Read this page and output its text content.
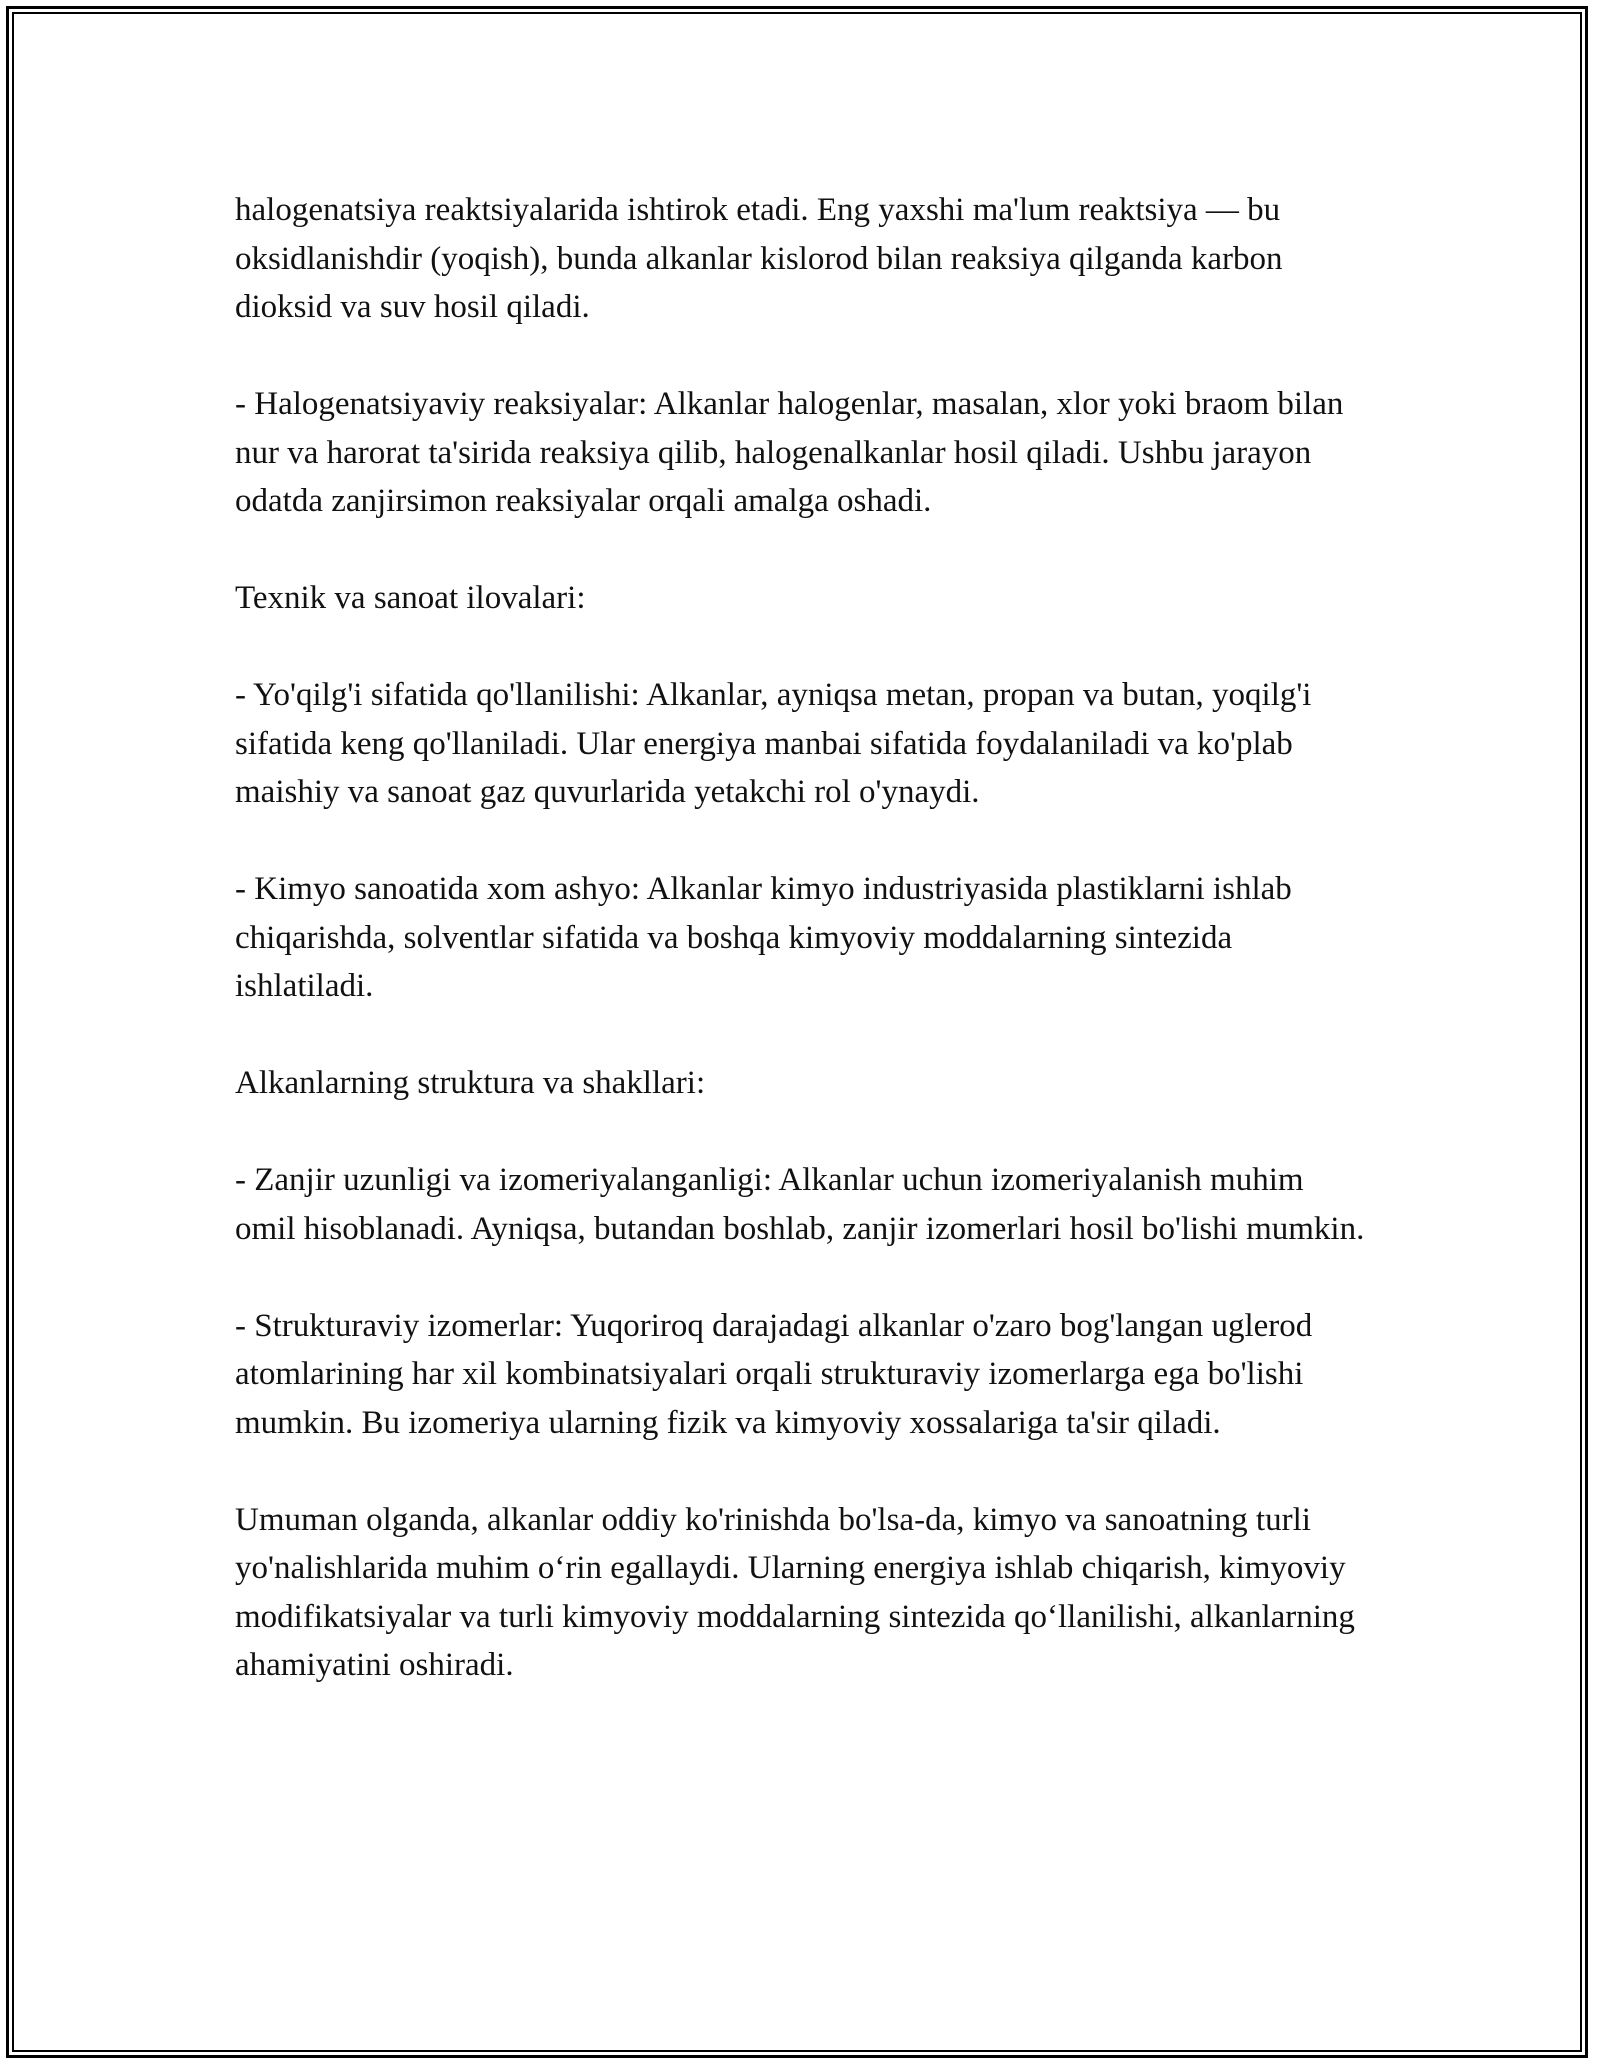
halogenatsiya reaktsiyalarida ishtirok etadi. Eng yaxshi ma'lum reaktsiya — bu oksidlanishdir (yoqish), bunda alkanlar kislorod bilan reaksiya qilganda karbon dioksid va suv hosil qiladi.

- Halogenatsiyaviy reaksiyalar: Alkanlar halogenlar, masalan, xlor yoki braom bilan nur va harorat ta'sirida reaksiya qilib, halogenalkanlar hosil qiladi. Ushbu jarayon odatda zanjirsimon reaksiyalar orqali amalga oshadi.

Texnik va sanoat ilovalari:

- Yo'qilg'i sifatida qo'llanilishi: Alkanlar, ayniqsa metan, propan va butan, yoqilg'i sifatida keng qo'llaniladi. Ular energiya manbai sifatida foydalaniladi va ko'plab maishiy va sanoat gaz quvurlarida yetakchi rol o'ynaydi.

- Kimyo sanoatida xom ashyo: Alkanlar kimyo industriyasida plastiklarni ishlab chiqarishda, solventlar sifatida va boshqa kimyoviy moddalarning sintezida ishlatiladi.

Alkanlarning struktura va shakllari:

- Zanjir uzunligi va izomeriyalanganligi: Alkanlar uchun izomeriyalanish muhim omil hisoblanadi. Ayniqsa, butandan boshlab, zanjir izomerlari hosil bo'lishi mumkin.

- Strukturaviy izomerlar: Yuqoriroq darajadagi alkanlar o'zaro bog'langan uglerod atomlarining har xil kombinatsiyalari orqali strukturaviy izomerlarga ega bo'lishi mumkin. Bu izomeriya ularning fizik va kimyoviy xossalariga ta'sir qiladi.

Umuman olganda, alkanlar oddiy ko'rinishda bo'lsa-da, kimyo va sanoatning turli yo'nalishlarida muhim o‘rin egallaydi. Ularning energiya ishlab chiqarish, kimyoviy modifikatsiyalar va turli kimyoviy moddalarning sintezida qo‘llanilishi, alkanlarning ahamiyatini oshiradi.
